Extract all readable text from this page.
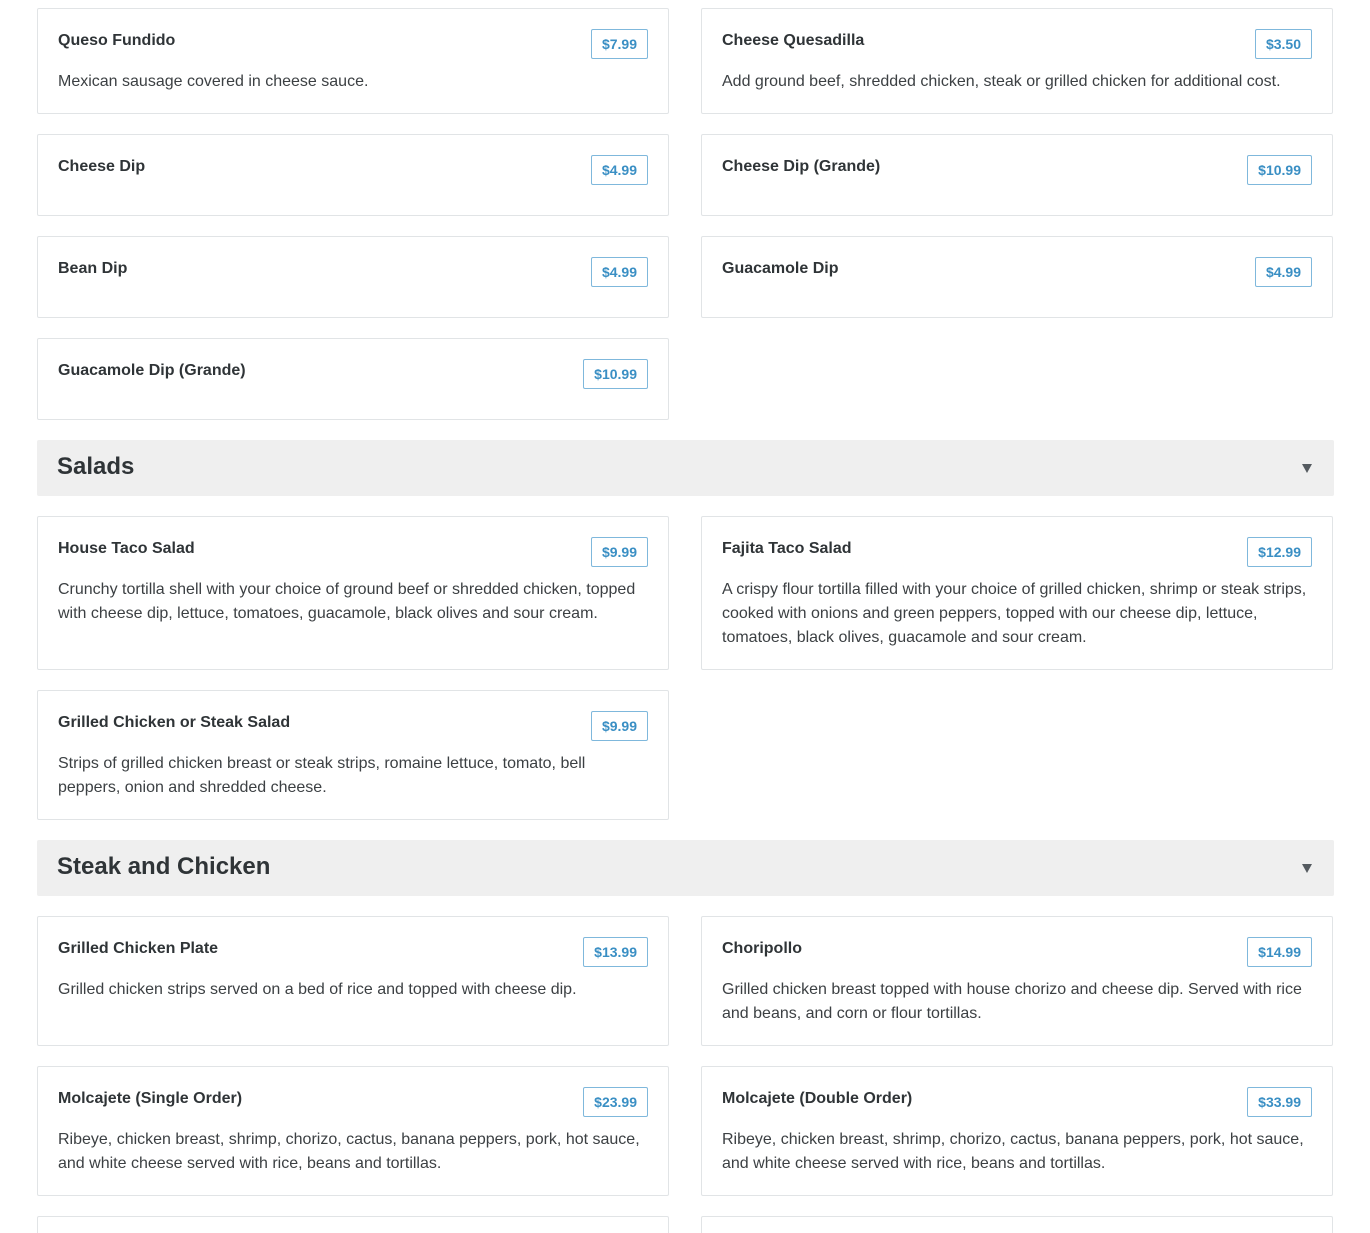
Queso Fundido	$7.99
Mexican sausage covered in cheese sauce.
Cheese Quesadilla	$3.50
Add ground beef, shredded chicken, steak or grilled chicken for additional cost.
Cheese Dip	$4.99	Cheese Dip (Grande)	$10.99
Bean Dip	$4.99	Guacamole Dip	$4.99
Guacamole Dip (Grande)	$10.99
Salads
House Taco Salad	$9.99
Crunchy tortilla shell with your choice of ground beef or shredded chicken, topped with cheese dip, lettuce, tomatoes, guacamole, black olives and sour cream.
Fajita Taco Salad	$12.99
A crispy flour tortilla filled with your choice of grilled chicken, shrimp or steak strips, cooked with onions and green peppers, topped with our cheese dip, lettuce, tomatoes, black olives, guacamole and sour cream.
Grilled Chicken or Steak Salad	$9.99
Strips of grilled chicken breast or steak strips, romaine lettuce, tomato, bell peppers, onion and shredded cheese.
Steak and Chicken
Grilled Chicken Plate	$13.99
Grilled chicken strips served on a bed of rice and topped with cheese dip.
Choripollo	$14.99
Grilled chicken breast topped with house chorizo and cheese dip. Served with rice and beans, and corn or flour tortillas.
Molcajete (Single Order)	$23.99
Ribeye, chicken breast, shrimp, chorizo, cactus, banana peppers, pork, hot sauce, and white cheese served with rice, beans and tortillas.
Molcajete (Double Order)	$33.99
Ribeye, chicken breast, shrimp, chorizo, cactus, banana peppers, pork, hot sauce, and white cheese served with rice, beans and tortillas.
